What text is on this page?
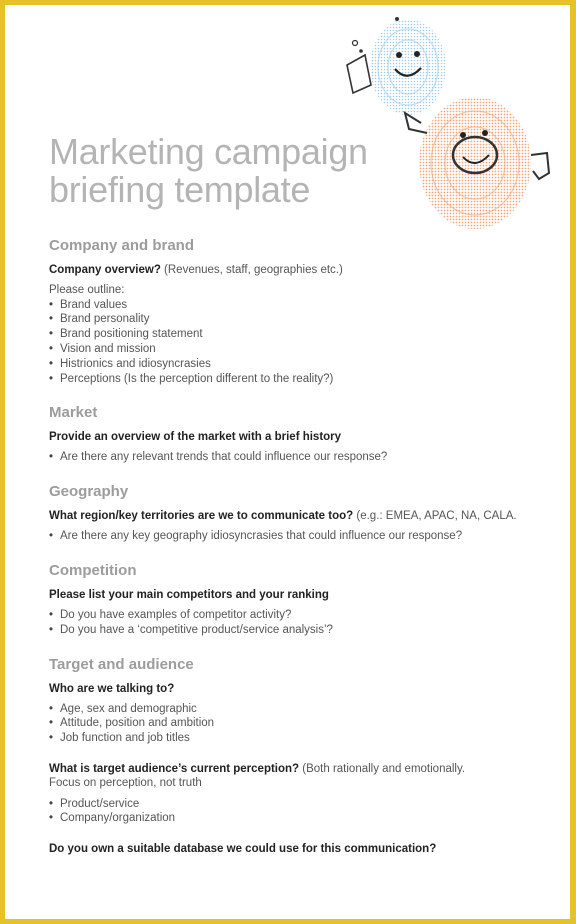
Marketing campaign
briefing template
Company and brand
Company overview? (Revenues, staff, geographies etc.)
Please outline:
• Brand values
• Brand personality
• Brand positioning statement
• Vision and mission
• Histrionics and idiosyncrasies
• Perceptions (Is the perception different to the reality?)
Market
Provide an overview of the market with a brief history
• Are there any relevant trends that could influence our response?
Geography
What region/key territories are we to communicate too? (e.g.: EMEA, APAC, NA, CALA.
• Are there any key geography idiosyncrasies that could influence our response?
Competition
Please list your main competitors and your ranking
• Do you have examples of competitor activity?
• Do you have a ‘competitive product/service analysis’?
Target and audience
Who are we talking to?
• Age, sex and demographic
• Attitude, position and ambition
• Job function and job titles
What is target audience’s current perception? (Both rationally and emotionally.
Focus on perception, not truth
• Product/service
• Company/organization
Do you own a suitable database we could use for this communication?
